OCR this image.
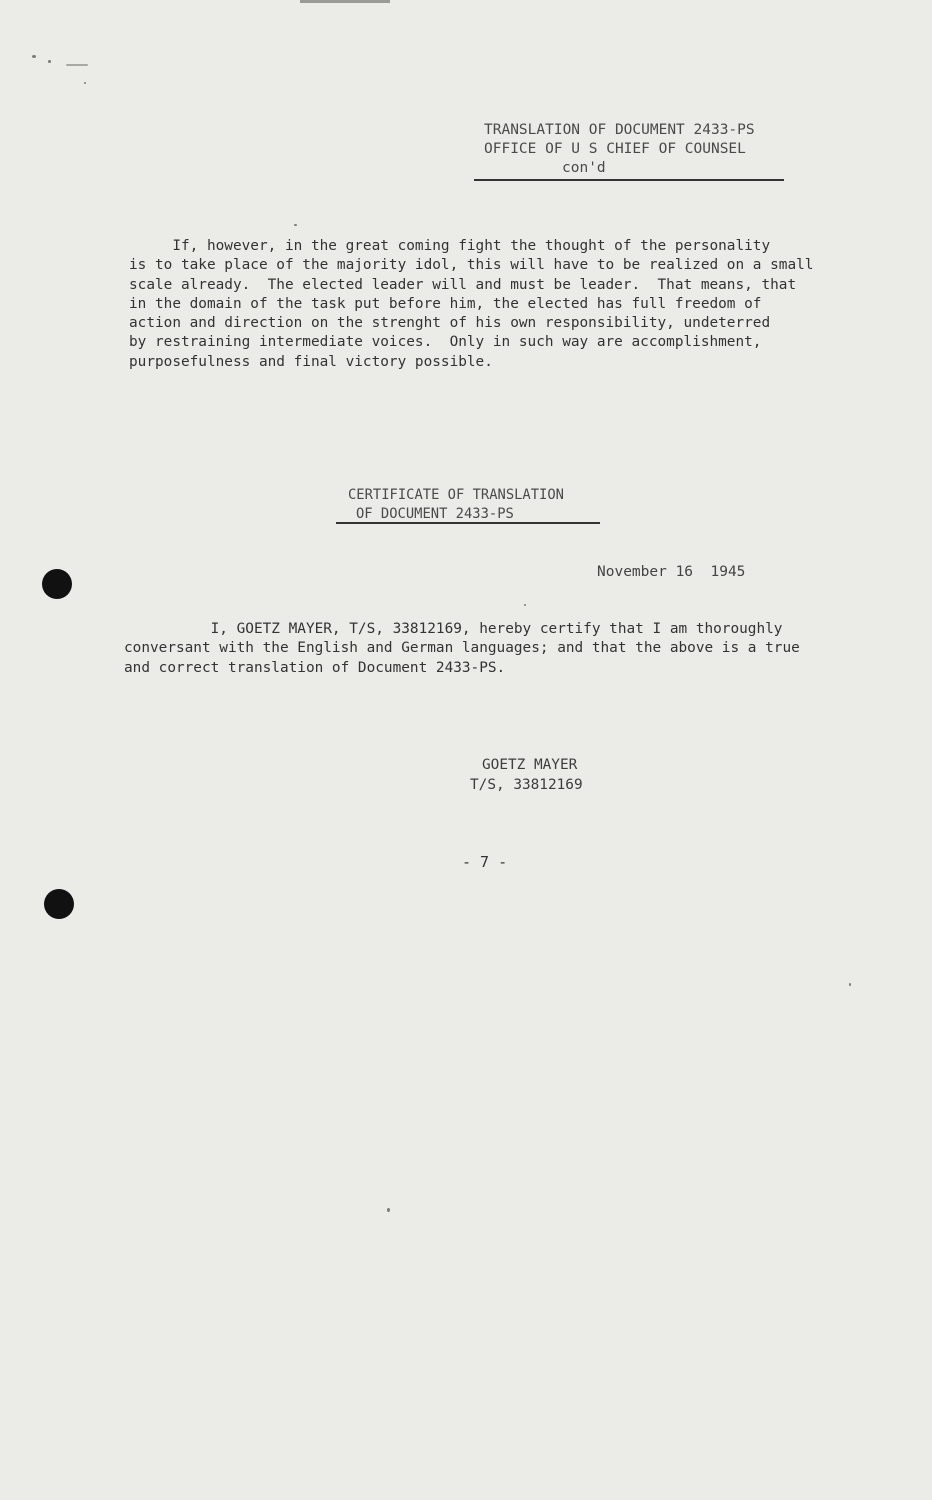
TRANSLATION OF DOCUMENT 2433-PS
OFFICE OF U S CHIEF OF COUNSEL
con'd
If, however, in the great coming fight the thought of the personality
is to take place of the majority idol, this will have to be realized on a small
scale already.  The elected leader will and must be leader.  That means, that
in the domain of the task put before him, the elected has full freedom of
action and direction on the strenght of his own responsibility, undeterred
by restraining intermediate voices.  Only in such way are accomplishment,
purposefulness and final victory possible.
CERTIFICATE OF TRANSLATION
OF DOCUMENT 2433-PS
November 16  1945
I, GOETZ MAYER, T/S, 33812169, hereby certify that I am thoroughly
conversant with the English and German languages; and that the above is a true
and correct translation of Document 2433-PS.
GOETZ MAYER
T/S, 33812169
- 7 -
